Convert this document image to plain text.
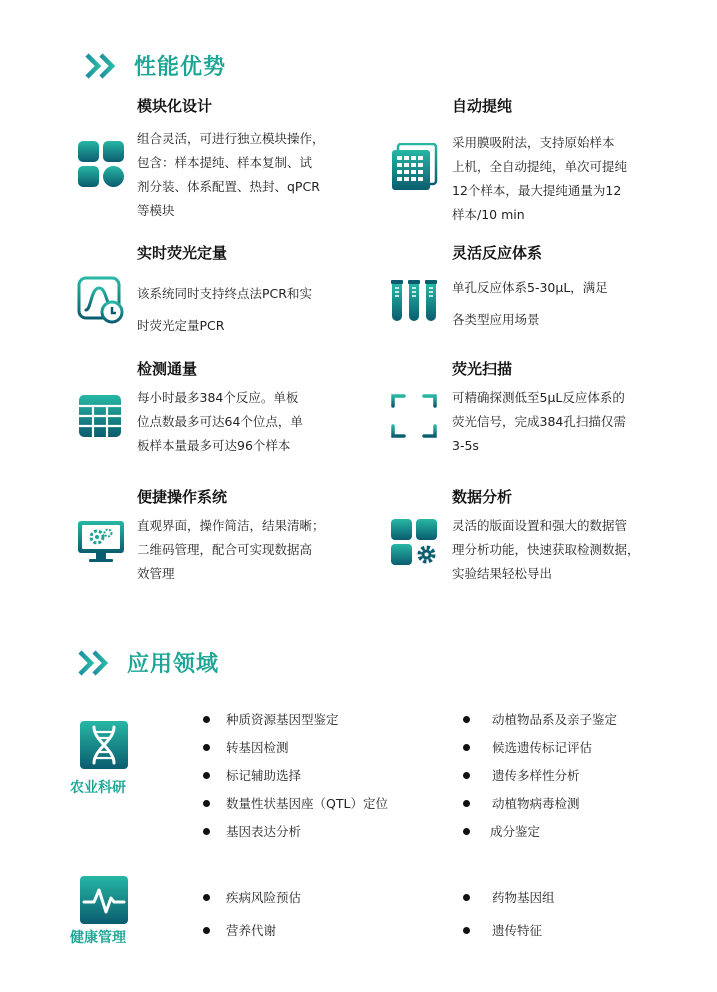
性能优势
模块化设计
组合灵活，可进行独立模块操作，
包含：样本提纯、样本复制、试
剂分装、体系配置、热封、qPCR
等模块
自动提纯
采用膜吸附法，支持原始样本
上机，全自动提纯，单次可提纯
12个样本，最大提纯通量为12
样本/10 min
实时荧光定量
该系统同时支持终点法PCR和实
时荧光定量PCR
灵活反应体系
单孔反应体系5-30μL，满足
各类型应用场景
检测通量
每小时最多384个反应。单板
位点数最多可达64个位点，单
板样本量最多可达96个样本
荧光扫描
可精确探测低至5μL反应体系的
荧光信号，完成384孔扫描仅需
3-5s
便捷操作系统
直观界面，操作简洁，结果清晰；
二维码管理，配合可实现数据高
效管理
数据分析
灵活的版面设置和强大的数据管
理分析功能，快速获取检测数据，
实验结果轻松导出
应用领域
农业科研
种质资源基因型鉴定
转基因检测
标记辅助选择
数量性状基因座（QTL）定位
基因表达分析
动植物品系及亲子鉴定
候选遗传标记评估
遗传多样性分析
动植物病毒检测
成分鉴定
健康管理
疾病风险预估
营养代谢
药物基因组
遗传特征
